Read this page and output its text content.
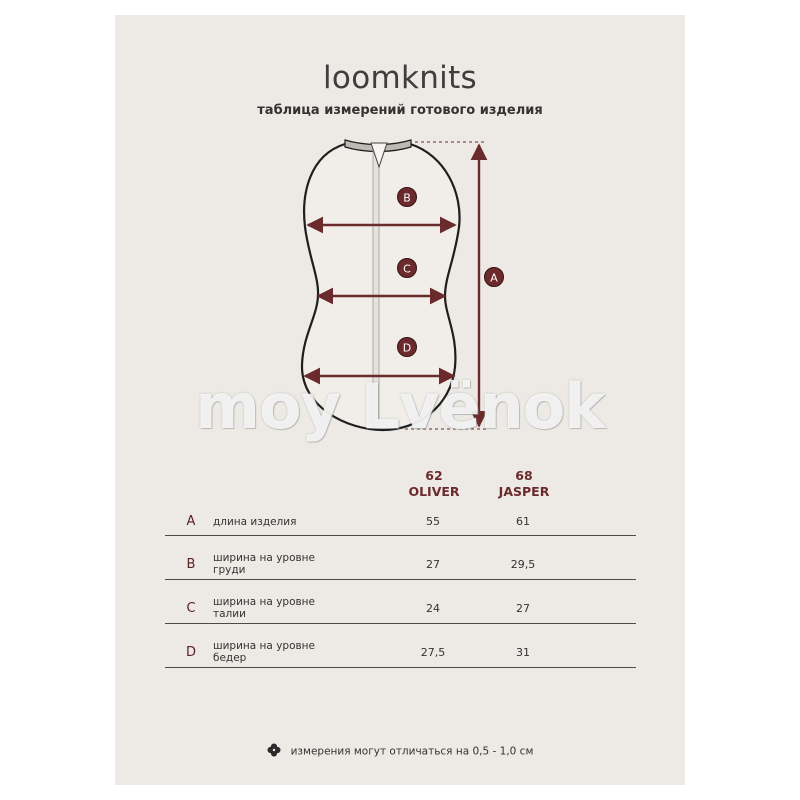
loomknits
таблица измерений готового изделия
B
C
D
A
moy Lvënok
62
OLIVER
68
JASPER
A	длина изделия	55	61
B	ширина на уровне груди	27	29,5
C	ширина на уровне талии	24	27
D ширина на уровне бедер	27,5	31
измерения могут отличаться на 0,5 - 1,0 см
